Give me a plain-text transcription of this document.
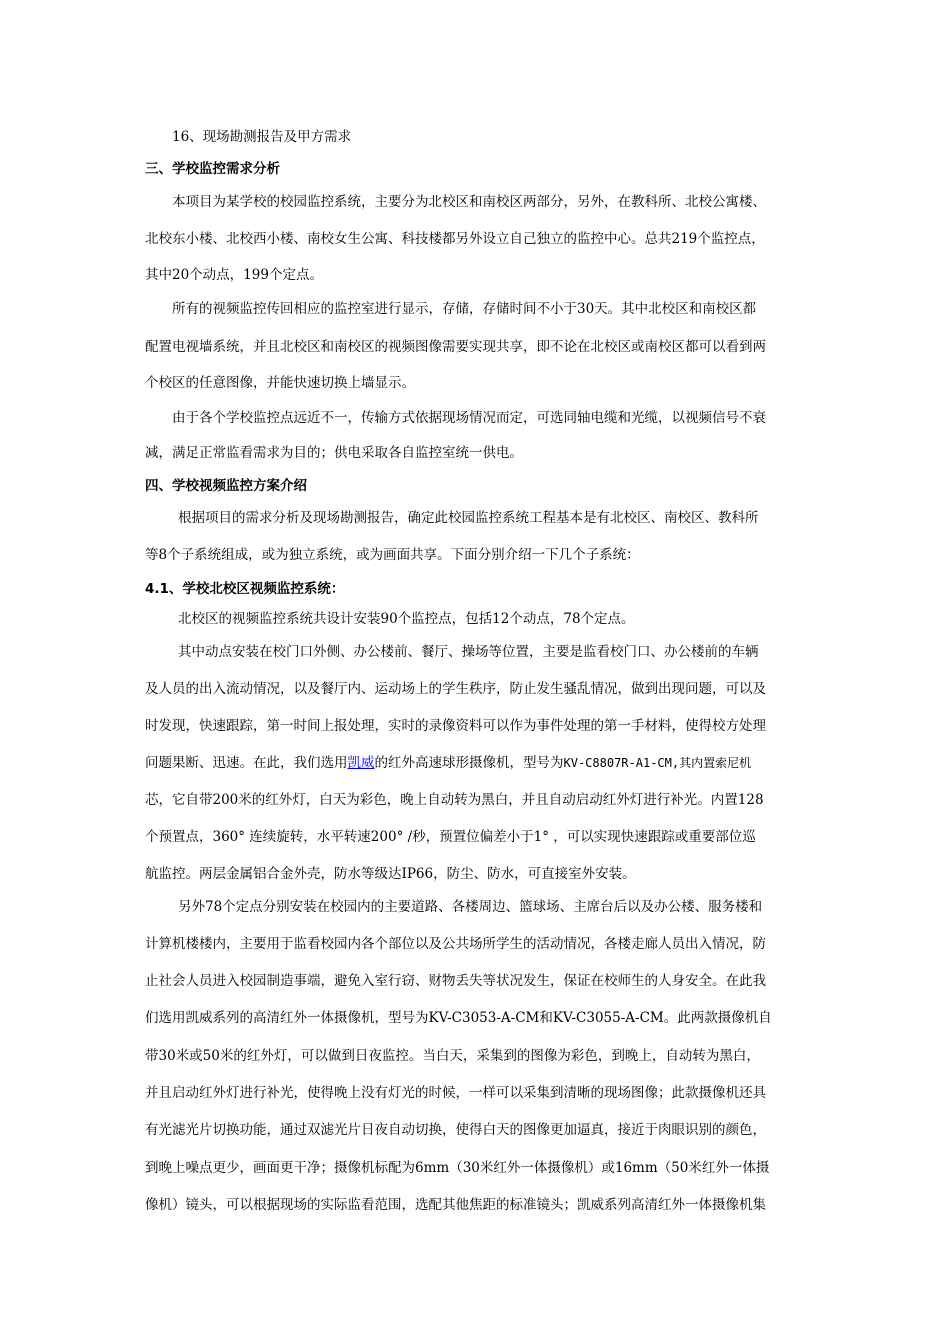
16、现场勘测报告及甲方需求
三、学校监控需求分析
本项目为某学校的校园监控系统，主要分为北校区和南校区两部分，另外，在教科所、北校公寓楼、
北校东小楼、北校西小楼、南校女生公寓、科技楼都另外设立自己独立的监控中心。总共219个监控点，
其中20个动点，199个定点。
所有的视频监控传回相应的监控室进行显示，存储，存储时间不小于30天。其中北校区和南校区都
配置电视墙系统，并且北校区和南校区的视频图像需要实现共享，即不论在北校区或南校区都可以看到两
个校区的任意图像，并能快速切换上墙显示。
由于各个学校监控点远近不一，传输方式依据现场情况而定，可选同轴电缆和光缆，以视频信号不衰
减，满足正常监看需求为目的；供电采取各自监控室统一供电。
四、学校视频监控方案介绍
根据项目的需求分析及现场勘测报告，确定此校园监控系统工程基本是有北校区、南校区、教科所
等8个子系统组成，或为独立系统，或为画面共享。下面分别介绍一下几个子系统：
4.1、学校北校区视频监控系统：
北校区的视频监控系统共设计安装90个监控点，包括12个动点，78个定点。
其中动点安装在校门口外侧、办公楼前、餐厅、操场等位置，主要是监看校门口、办公楼前的车辆
及人员的出入流动情况，以及餐厅内、运动场上的学生秩序，防止发生骚乱情况，做到出现问题，可以及
时发现，快速跟踪，第一时间上报处理，实时的录像资料可以作为事件处理的第一手材料，使得校方处理
问题果断、迅速。在此，我们选用凯威的红外高速球形摄像机，型号为KV-C8807R-A1-CM,其内置索尼机
芯，它自带200米的红外灯，白天为彩色，晚上自动转为黑白，并且自动启动红外灯进行补光。内置128
个预置点，360° 连续旋转，水平转速200° /秒，预置位偏差小于1° ，可以实现快速跟踪或重要部位巡
航监控。两层金属铝合金外壳，防水等级达IP66，防尘、防水，可直接室外安装。
另外78个定点分别安装在校园内的主要道路、各楼周边、篮球场、主席台后以及办公楼、服务楼和
计算机楼楼内，主要用于监看校园内各个部位以及公共场所学生的活动情况，各楼走廊人员出入情况，防
止社会人员进入校园制造事端，避免入室行窃、财物丢失等状况发生，保证在校师生的人身安全。在此我
们选用凯威系列的高清红外一体摄像机，型号为KV-C3053-A-CM和KV-C3055-A-CM。此两款摄像机自
带30米或50米的红外灯，可以做到日夜监控。当白天，采集到的图像为彩色，到晚上，自动转为黑白，
并且启动红外灯进行补光，使得晚上没有灯光的时候，一样可以采集到清晰的现场图像；此款摄像机还具
有光滤光片切换功能，通过双滤光片日夜自动切换，使得白天的图像更加逼真，接近于肉眼识别的颜色，
到晚上噪点更少，画面更干净；摄像机标配为6mm（30米红外一体摄像机）或16mm（50米红外一体摄
像机）镜头，可以根据现场的实际监看范围，选配其他焦距的标准镜头；凯威系列高清红外一体摄像机集
